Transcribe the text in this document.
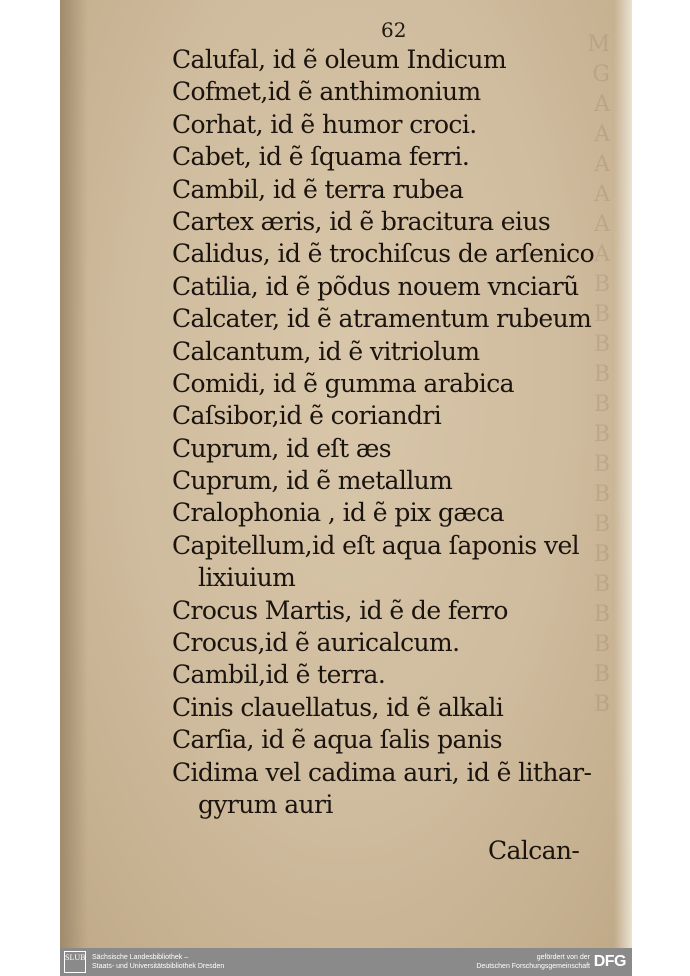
M
G
A
A
A
A
A
A
B
B
B
B
B
B
B
B
B
B
B
B
B
B
B
62
Calufal, id ẽ oleum Indicum
Cofmet,id ẽ anthimonium
Corhat, id ẽ humor croci.
Cabet, id ẽ ſquama ferri.
Cambil, id ẽ terra rubea
Cartex æris, id ẽ bracitura eius
Calidus, id ẽ trochiſcus de arſenico
Catilia, id ẽ põdus nouem vnciarũ
Calcater, id ẽ atramentum rubeum
Calcantum, id ẽ vitriolum
Comidi, id ẽ gumma arabica
Caſsibor,id ẽ coriandri
Cuprum, id eſt æs
Cuprum, id ẽ metallum
Cralophonia , id ẽ pix gæca
Capitellum,id eſt aqua ſaponis vel
lixiuium
Crocus Martis, id ẽ de ferro
Crocus,id ẽ auricalcum.
Cambil,id ẽ terra.
Cinis clauellatus, id ẽ alkali
Carſia, id ẽ aqua ſalis panis
Cidima vel cadima auri, id ẽ lithar-
gyrum auri
Calcan-
SLUB Sächsische Landesbibliothek –
Staats- und Universitätsbibliothek Dresden
gefördert von der
Deutschen Forschungsgemeinschaft DFG
